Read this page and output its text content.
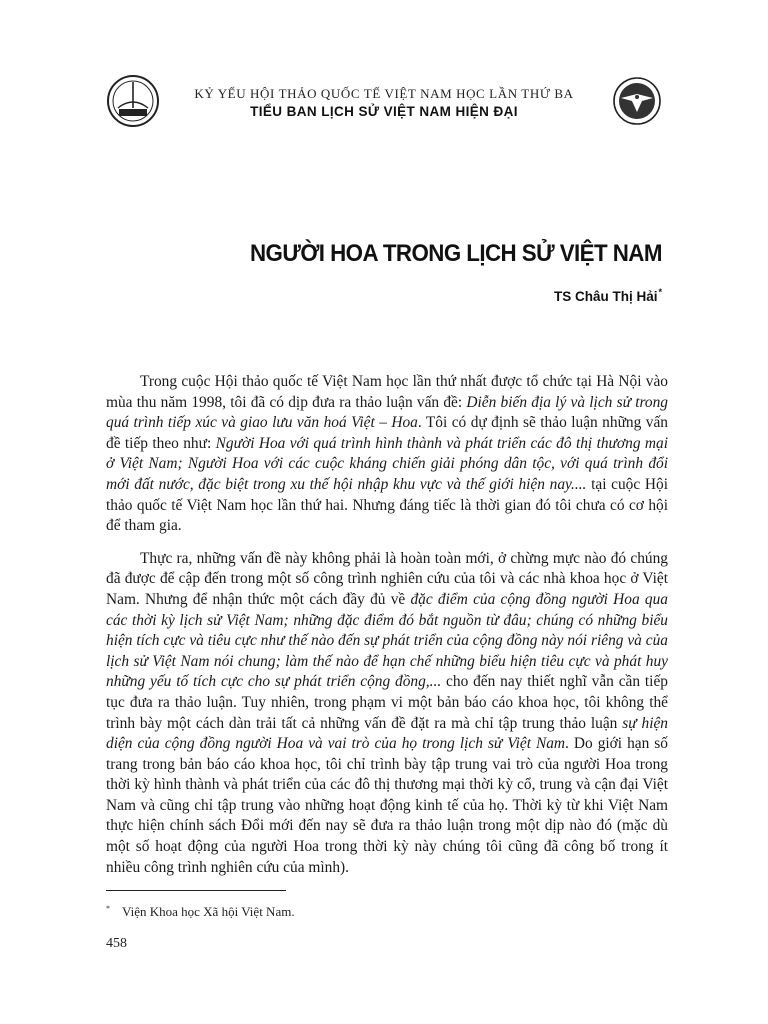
KỶ YẾU HỘI THẢO QUỐC TẾ VIỆT NAM HỌC LẦN THỨ BA
TIỂU BAN LỊCH SỬ VIỆT NAM HIỆN ĐẠI
NGƯỜI HOA TRONG LỊCH SỬ VIỆT NAM
TS Châu Thị Hải*

Trong cuộc Hội thảo quốc tế Việt Nam học lần thứ nhất được tổ chức tại Hà Nội vào mùa thu năm 1998, tôi đã có dịp đưa ra thảo luận vấn đề: Diễn biến địa lý và lịch sử trong quá trình tiếp xúc và giao lưu văn hoá Việt – Hoa. Tôi có dự định sẽ thảo luận những vấn đề tiếp theo như: Người Hoa với quá trình hình thành và phát triển các đô thị thương mại ở Việt Nam; Người Hoa với các cuộc kháng chiến giải phóng dân tộc, với quá trình đổi mới đất nước, đặc biệt trong xu thế hội nhập khu vực và thế giới hiện nay.... tại cuộc Hội thảo quốc tế Việt Nam học lần thứ hai. Nhưng đáng tiếc là thời gian đó tôi chưa có cơ hội để tham gia.

Thực ra, những vấn đề này không phải là hoàn toàn mới, ở chừng mực nào đó chúng đã được để cập đến trong một số công trình nghiên cứu của tôi và các nhà khoa học ở Việt Nam. Nhưng để nhận thức một cách đầy đủ về đặc điểm của cộng đồng người Hoa qua các thời kỳ lịch sử Việt Nam; những đặc điểm đó bắt nguồn từ đâu; chúng có những biểu hiện tích cực và tiêu cực như thế nào đến sự phát triển của cộng đồng này nói riêng và của lịch sử Việt Nam nói chung; làm thế nào để hạn chế những biểu hiện tiêu cực và phát huy những yếu tố tích cực cho sự phát triển cộng đồng,... cho đến nay thiết nghĩ vẫn cần tiếp tục đưa ra thảo luận. Tuy nhiên, trong phạm vi một bản báo cáo khoa học, tôi không thể trình bày một cách dàn trải tất cả những vấn đề đặt ra mà chỉ tập trung thảo luận sự hiện diện của cộng đồng người Hoa và vai trò của họ trong lịch sử Việt Nam. Do giới hạn số trang trong bản báo cáo khoa học, tôi chỉ trình bày tập trung vai trò của người Hoa trong thời kỳ hình thành và phát triển của các đô thị thương mại thời kỳ cổ, trung và cận đại Việt Nam và cũng chỉ tập trung vào những hoạt động kinh tế của họ. Thời kỳ từ khi Việt Nam thực hiện chính sách Đổi mới đến nay sẽ đưa ra thảo luận trong một dịp nào đó (mặc dù một số hoạt động của người Hoa trong thời kỳ này chúng tôi cũng đã công bố trong ít nhiều công trình nghiên cứu của mình).

* Viện Khoa học Xã hội Việt Nam.
458
